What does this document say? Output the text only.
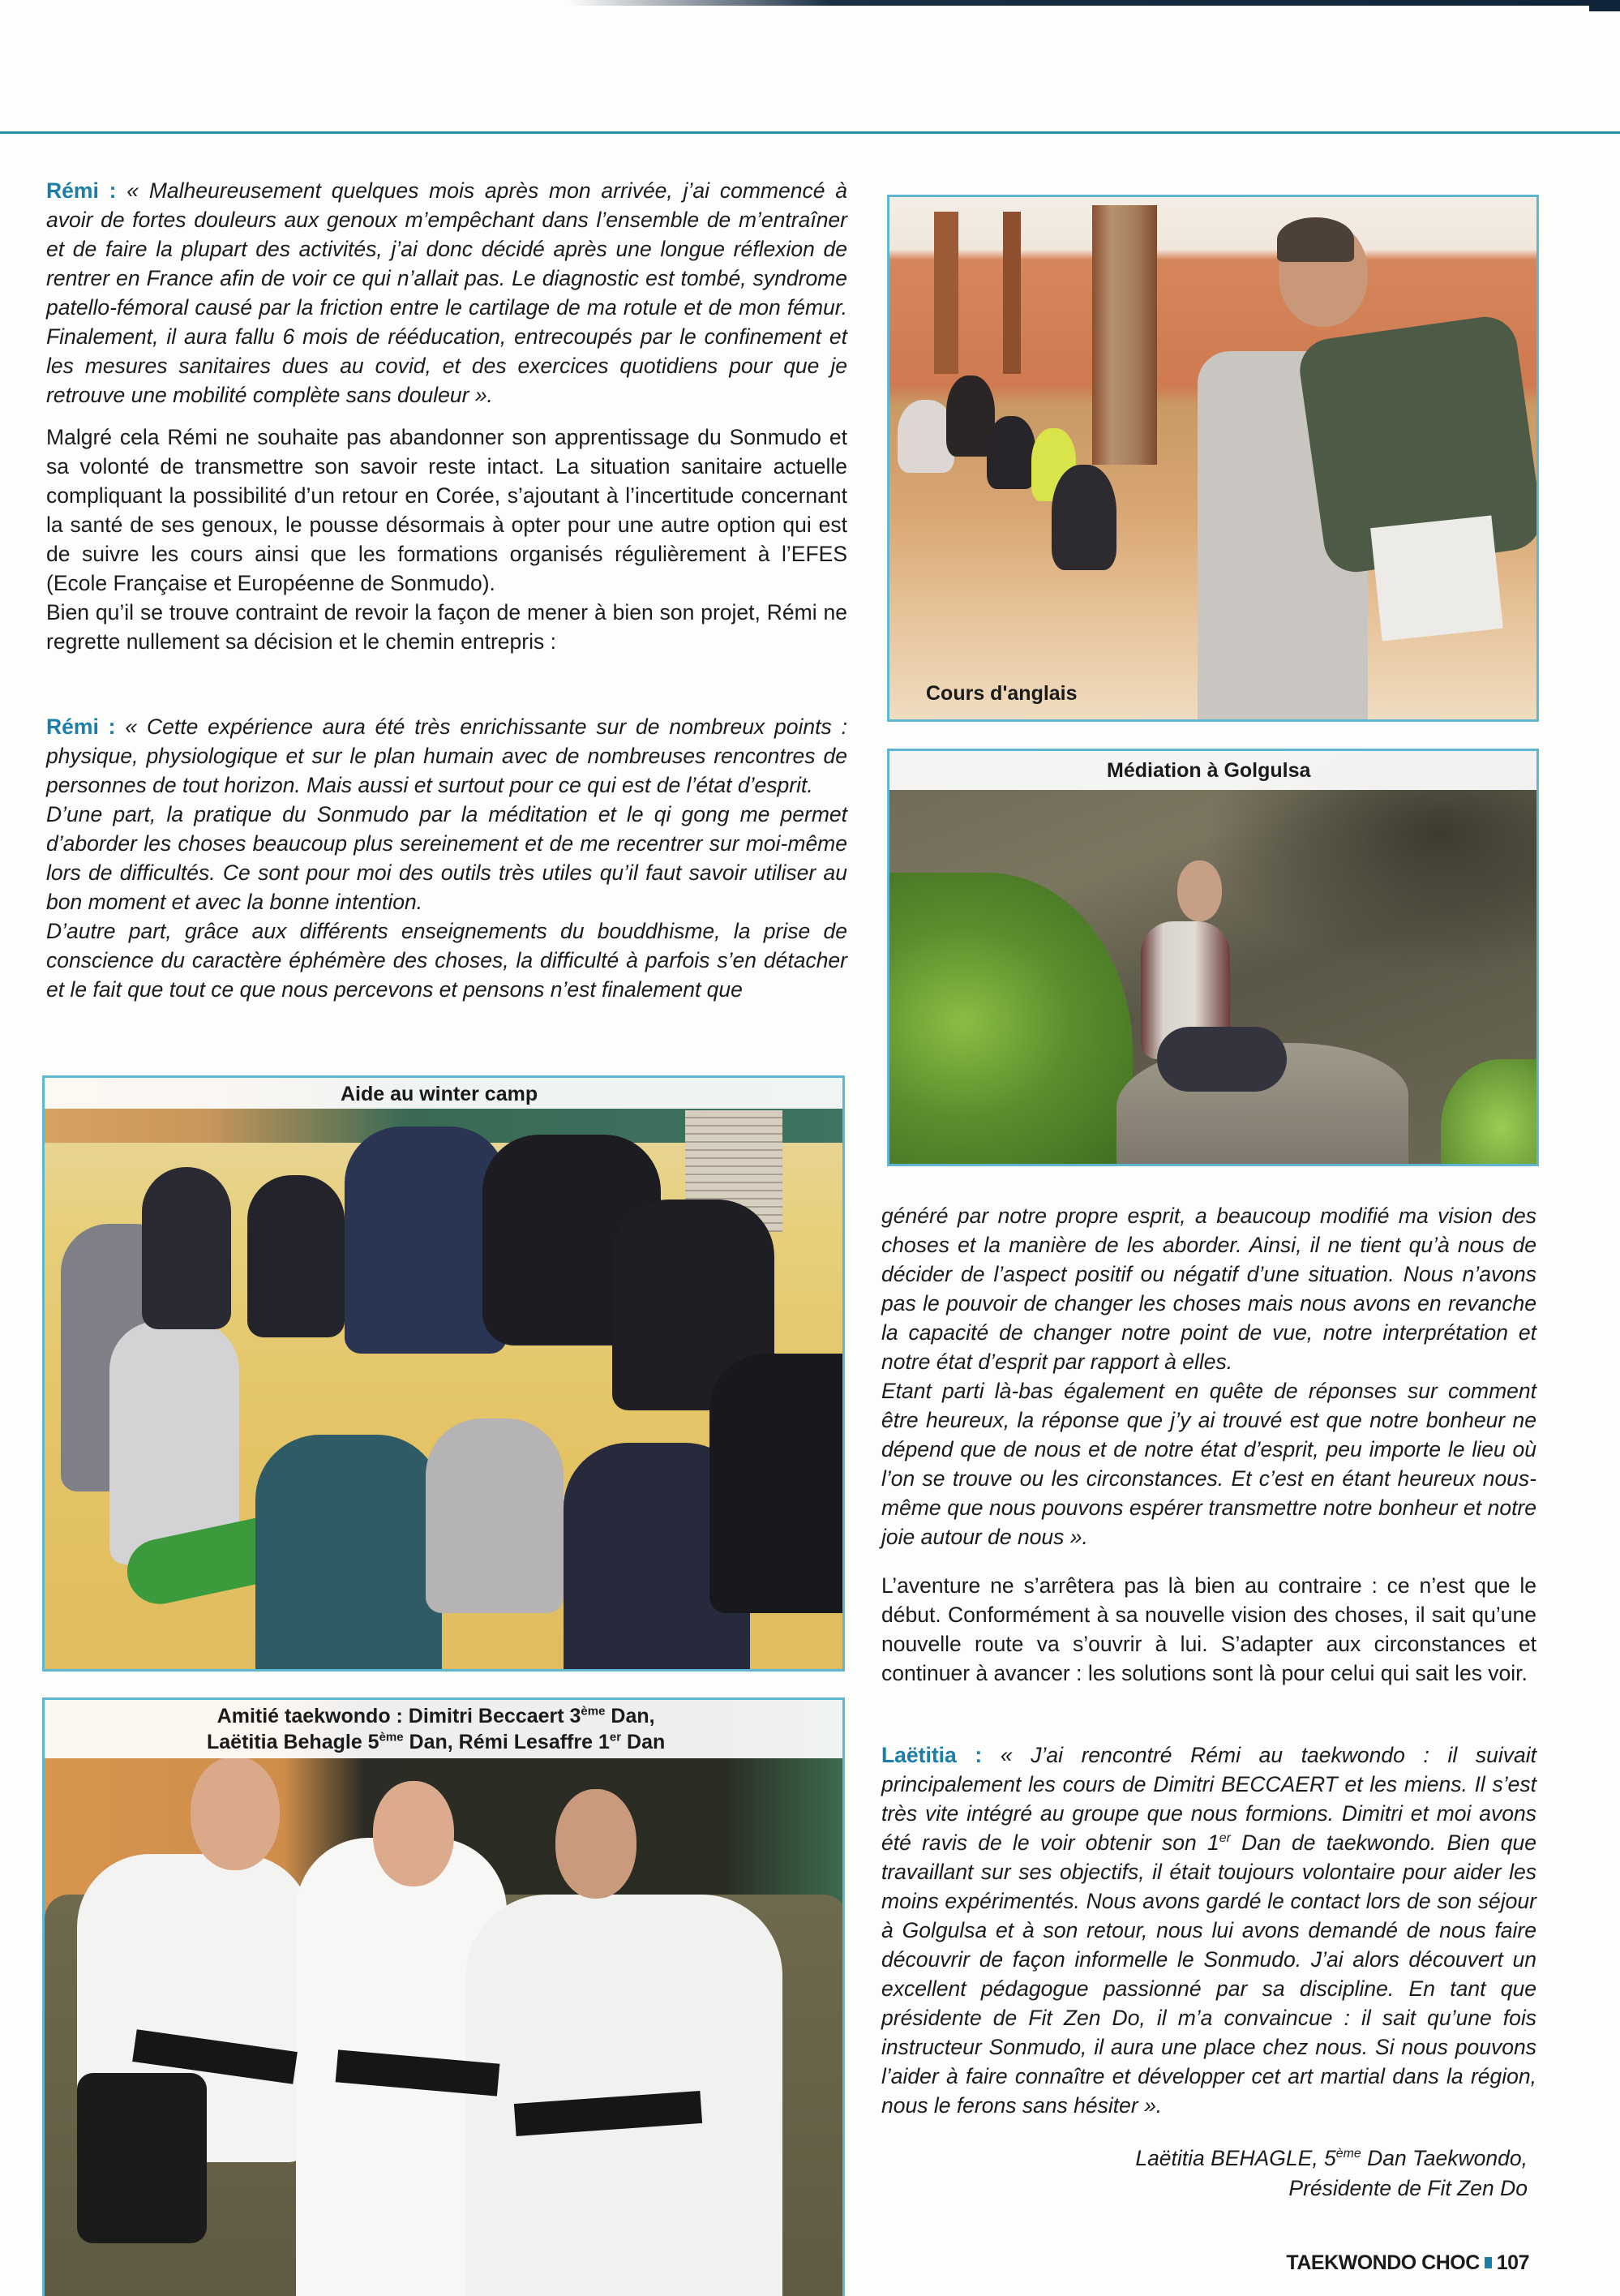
Rémi : « Malheureusement quelques mois après mon arrivée, j’ai commencé à avoir de fortes douleurs aux genoux m’empêchant dans l’ensemble de m’entraîner et de faire la plupart des activités, j’ai donc décidé après une longue réflexion de rentrer en France afin de voir ce qui n’allait pas. Le diagnostic est tombé, syndrome patello-fémoral causé par la friction entre le cartilage de ma rotule et de mon fémur. Finalement, il aura fallu 6 mois de rééducation, entrecoupés par le confinement et les mesures sanitaires dues au covid, et des exercices quotidiens pour que je retrouve une mobilité complète sans douleur ».

Malgré cela Rémi ne souhaite pas abandonner son apprentissage du Sonmudo et sa volonté de transmettre son savoir reste intact. La situation sanitaire actuelle compliquant la possibilité d’un retour en Corée, s’ajoutant à l’incertitude concernant la santé de ses genoux, le pousse désormais à opter pour une autre option qui est de suivre les cours ainsi que les formations organisés régulièrement à l’EFES (Ecole Française et Européenne de Sonmudo).
Bien qu’il se trouve contraint de revoir la façon de mener à bien son projet, Rémi ne regrette nullement sa décision et le chemin entrepris :

Rémi : « Cette expérience aura été très enrichissante sur de nombreux points : physique, physiologique et sur le plan humain avec de nombreuses rencontres de personnes de tout horizon. Mais aussi et surtout pour ce qui est de l’état d’esprit.
D’une part, la pratique du Sonmudo par la méditation et le qi gong me permet d’aborder les choses beaucoup plus sereinement et de me recentrer sur moi-même lors de difficultés. Ce sont pour moi des outils très utiles qu’il faut savoir utiliser au bon moment et avec la bonne intention.
D’autre part, grâce aux différents enseignements du bouddhisme, la prise de conscience du caractère éphémère des choses, la difficulté à parfois s’en détacher et le fait que tout ce que nous percevons et pensons n’est finalement que

généré par notre propre esprit, a beaucoup modifié ma vision des choses et la manière de les aborder. Ainsi, il ne tient qu’à nous de décider de l’aspect positif ou négatif d’une situation. Nous n’avons pas le pouvoir de changer les choses mais nous avons en revanche la capacité de changer notre point de vue, notre interprétation et notre état d’esprit par rapport à elles.
Etant parti là-bas également en quête de réponses sur comment être heureux, la réponse que j’y ai trouvé est que notre bonheur ne dépend que de nous et de notre état d’esprit, peu importe le lieu où l’on se trouve ou les circonstances. Et c’est en étant heureux nous-même que nous pouvons espérer transmettre notre bonheur et notre joie autour de nous ».

L’aventure ne s’arrêtera pas là bien au contraire : ce n’est que le début. Conformément à sa nouvelle vision des choses, il sait qu’une nouvelle route va s’ouvrir à lui. S’adapter aux circonstances et continuer à avancer : les solutions sont là pour celui qui sait les voir.

Laëtitia : « J’ai rencontré Rémi au taekwondo : il suivait principalement les cours de Dimitri BECCAERT et les miens. Il s’est très vite intégré au groupe que nous formions. Dimitri et moi avons été ravis de le voir obtenir son 1er Dan de taekwondo. Bien que travaillant sur ses objectifs, il était toujours volontaire pour aider les moins expérimentés. Nous avons gardé le contact lors de son séjour à Golgulsa et à son retour, nous lui avons demandé de nous faire découvrir de façon informelle le Sonmudo. J’ai alors découvert un excellent pédagogue passionné par sa discipline. En tant que présidente de Fit Zen Do, il m’a convaincue : il sait qu’une fois instructeur Sonmudo, il aura une place chez nous. Si nous pouvons l’aider à faire connaître et développer cet art martial dans la région, nous le ferons sans hésiter ».

Laëtitia BEHAGLE, 5ème Dan Taekwondo,
Présidente de Fit Zen Do
Cours d'anglais
Médiation à Golgulsa
Aide au winter camp
Amitié taekwondo : Dimitri Beccaert 3ème Dan,
Laëtitia Behagle 5ème Dan, Rémi Lesaffre 1er Dan
TAEKWONDO CHOC 107
